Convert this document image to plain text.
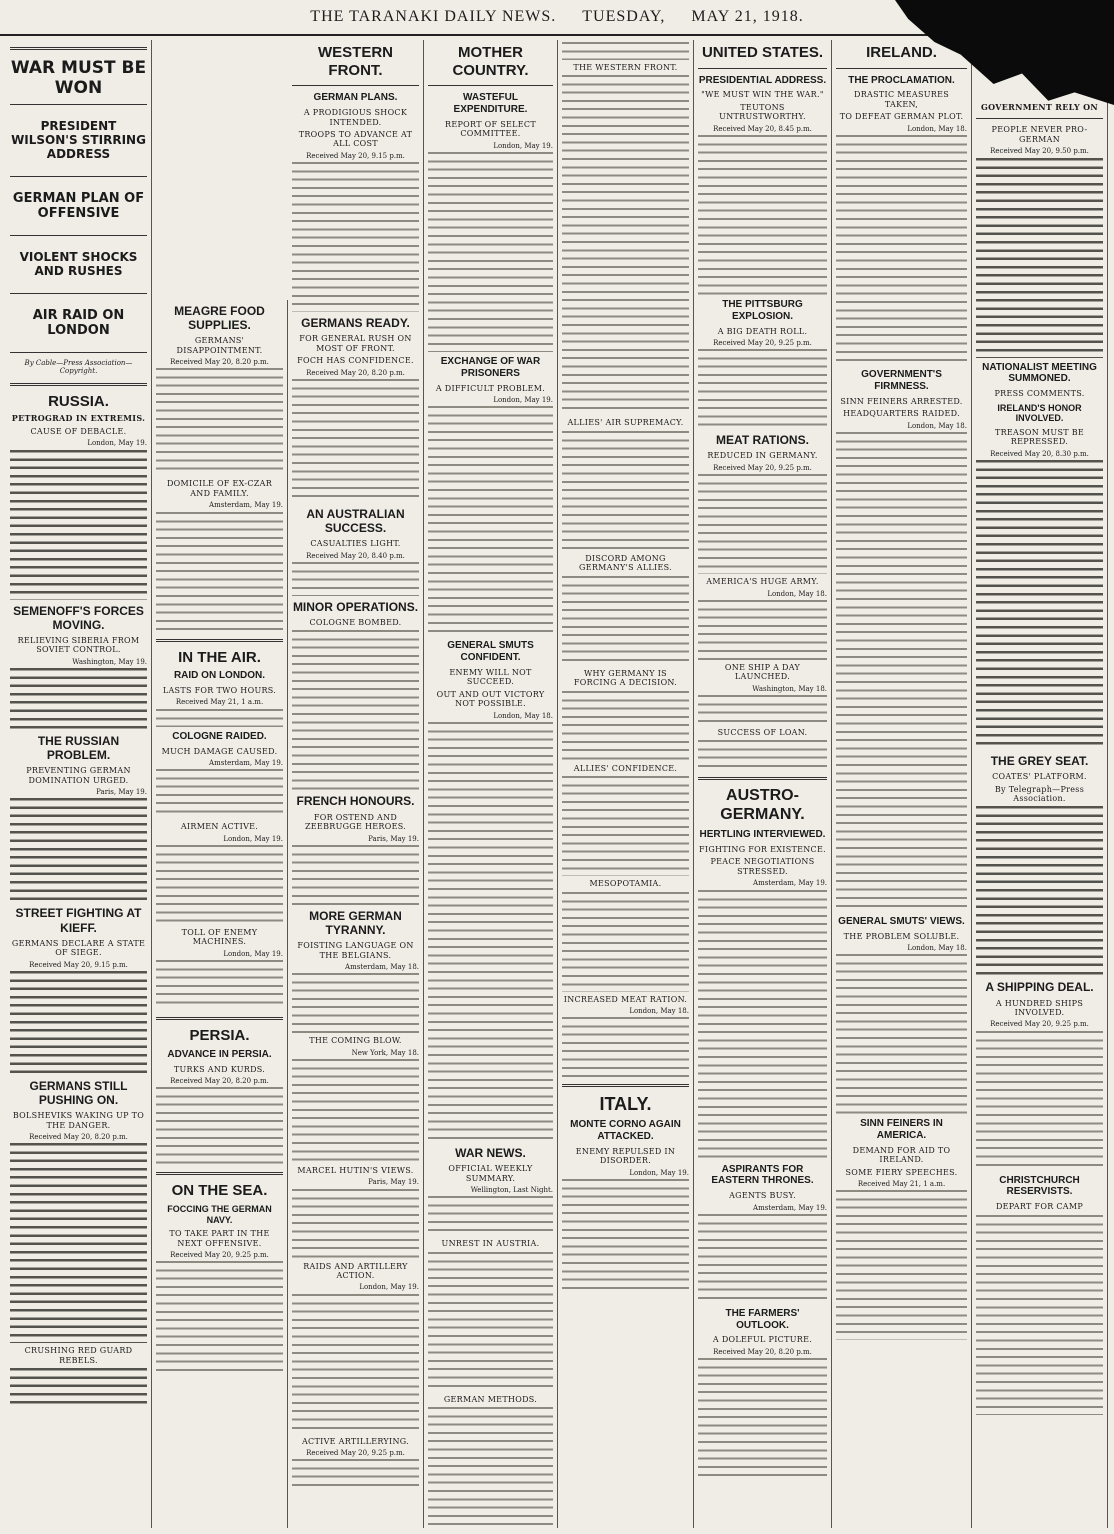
THE TARANAKI DAILY NEWS. TUESDAY, MAY 21, 1918.
WAR MUST BE WON
PRESIDENT WILSON'S STIRRING ADDRESS
GERMAN PLAN OF OFFENSIVE
VIOLENT SHOCKS AND RUSHES
AIR RAID ON LONDON
By Cable—Press Association—Copyright.
RUSSIA.
PETROGRAD IN EXTREMIS.
CAUSE OF DEBACLE.
London, May 19.
SEMENOFF'S FORCES MOVING.
RELIEVING SIBERIA FROM SOVIET CONTROL.
Washington, May 19.
THE RUSSIAN PROBLEM.
PREVENTING GERMAN DOMINATION URGED.
Paris, May 19.
STREET FIGHTING AT KIEFF.
GERMANS DECLARE A STATE OF SIEGE.
Received May 20, 9.15 p.m.
GERMANS STILL PUSHING ON.
BOLSHEVIKS WAKING UP TO THE DANGER.
Received May 20, 8.20 p.m.
CRUSHING RED GUARD REBELS.
MEAGRE FOOD SUPPLIES.
GERMANS' DISAPPOINTMENT.
Received May 20, 8.20 p.m.
DOMICILE OF EX-CZAR AND FAMILY.
Amsterdam, May 19.
IN THE AIR.
RAID ON LONDON.
LASTS FOR TWO HOURS.
Received May 21, 1 a.m.
COLOGNE RAIDED.
MUCH DAMAGE CAUSED.
Amsterdam, May 19.
AIRMEN ACTIVE.
London, May 19.
TOLL OF ENEMY MACHINES.
London, May 19.
PERSIA.
ADVANCE IN PERSIA.
TURKS AND KURDS.
Received May 20, 8.20 p.m.
ON THE SEA.
FOCCING THE GERMAN NAVY.
TO TAKE PART IN THE NEXT OFFENSIVE.
Received May 20, 9.25 p.m.
WESTERN FRONT.
GERMAN PLANS.
A PRODIGIOUS SHOCK INTENDED.
TROOPS TO ADVANCE AT ALL COST
Received May 20, 9.15 p.m.
GERMANS READY.
FOR GENERAL RUSH ON MOST OF FRONT.
FOCH HAS CONFIDENCE.
Received May 20, 8.20 p.m.
AN AUSTRALIAN SUCCESS.
CASUALTIES LIGHT.
Received May 20, 8.40 p.m.
MINOR OPERATIONS.
COLOGNE BOMBED.
FRENCH HONOURS.
FOR OSTEND AND ZEEBRUGGE HEROES.
Paris, May 19.
MORE GERMAN TYRANNY.
FOISTING LANGUAGE ON THE BELGIANS.
Amsterdam, May 18.
THE COMING BLOW.
New York, May 18.
MARCEL HUTIN'S VIEWS.
Paris, May 19.
RAIDS AND ARTILLERY ACTION.
London, May 19.
ACTIVE ARTILLERYING.
Received May 20, 9.25 p.m.
MOTHER COUNTRY.
WASTEFUL EXPENDITURE.
REPORT OF SELECT COMMITTEE.
London, May 19.
EXCHANGE OF WAR PRISONERS
A DIFFICULT PROBLEM.
London, May 19.
GENERAL SMUTS CONFIDENT.
ENEMY WILL NOT SUCCEED.
OUT AND OUT VICTORY NOT POSSIBLE.
London, May 18.
WAR NEWS.
OFFICIAL WEEKLY SUMMARY.
Wellington, Last Night.
UNREST IN AUSTRIA.
GERMAN METHODS.
THE WESTERN FRONT.
ALLIES' AIR SUPREMACY.
DISCORD AMONG GERMANY'S ALLIES.
WHY GERMANY IS FORCING A DECISION.
ALLIES' CONFIDENCE.
MESOPOTAMIA.
INCREASED MEAT RATION.
London, May 18.
ITALY.
MONTE CORNO AGAIN ATTACKED.
ENEMY REPULSED IN DISORDER.
London, May 19.
UNITED STATES.
PRESIDENTIAL ADDRESS.
"WE MUST WIN THE WAR."
TEUTONS UNTRUSTWORTHY.
Received May 20, 8.45 p.m.
THE PITTSBURG EXPLOSION.
A BIG DEATH ROLL.
Received May 20, 9.25 p.m.
MEAT RATIONS.
REDUCED IN GERMANY.
Received May 20, 9.25 p.m.
AMERICA'S HUGE ARMY.
London, May 18.
ONE SHIP A DAY LAUNCHED.
Washington, May 18.
SUCCESS OF LOAN.
AUSTRO-GERMANY.
HERTLING INTERVIEWED.
FIGHTING FOR EXISTENCE.
PEACE NEGOTIATIONS STRESSED.
Amsterdam, May 19.
ASPIRANTS FOR EASTERN THRONES.
AGENTS BUSY.
Amsterdam, May 19.
THE FARMERS' OUTLOOK.
A DOLEFUL PICTURE.
Received May 20, 8.20 p.m.
IRELAND.
THE PROCLAMATION.
DRASTIC MEASURES TAKEN,
TO DEFEAT GERMAN PLOT.
London, May 18.
GOVERNMENT'S FIRMNESS.
SINN FEINERS ARRESTED.
HEADQUARTERS RAIDED.
London, May 18.
GENERAL SMUTS' VIEWS.
THE PROBLEM SOLUBLE.
London, May 18.
SINN FEINERS IN AMERICA.
DEMAND FOR AID TO IRELAND.
SOME FIERY SPEECHES.
Received May 21, 1 a.m.
GOVERNMENT RELY ON
PEOPLE NEVER PRO-GERMAN
Received May 20, 9.50 p.m.
NATIONALIST MEETING SUMMONED.
PRESS COMMENTS.
IRELAND'S HONOR INVOLVED.
TREASON MUST BE REPRESSED.
Received May 20, 8.30 p.m.
THE GREY SEAT.
COATES' PLATFORM.
By Telegraph—Press Association.
A SHIPPING DEAL.
A HUNDRED SHIPS INVOLVED.
Received May 20, 9.25 p.m.
CHRISTCHURCH RESERVISTS.
DEPART FOR CAMP
